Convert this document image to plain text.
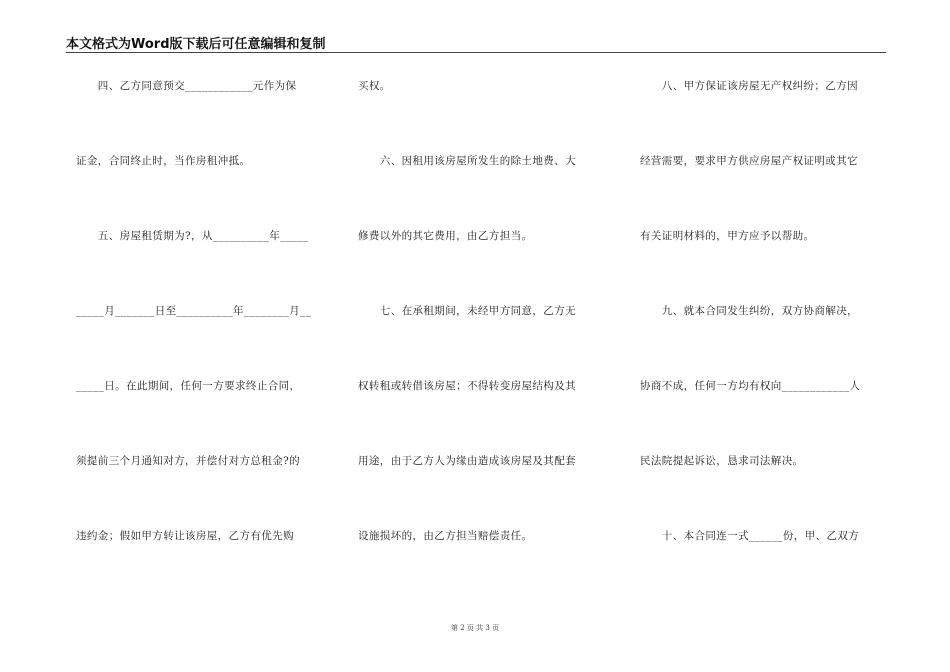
本文格式为Word版下载后可任意编辑和复制
　　四、乙方同意预交____________元作为保
证金，合同终止时，当作房租冲抵。
　　五、房屋租赁期为?，从__________年_____
_____月_______日至__________年________月__
_____日。在此期间，任何一方要求终止合同，
须提前三个月通知对方，并偿付对方总租金?的
违约金；假如甲方转让该房屋，乙方有优先购
买权。
　　六、因租用该房屋所发生的除土地费、大
修费以外的其它费用，由乙方担当。
　　七、在承租期间，未经甲方同意，乙方无
权转租或转借该房屋；不得转变房屋结构及其
用途，由于乙方人为缘由造成该房屋及其配套
设施损坏的，由乙方担当赔偿责任。
　　八、甲方保证该房屋无产权纠纷；乙方因
经营需要，要求甲方供应房屋产权证明或其它
有关证明材料的，甲方应予以帮助。
　　九、就本合同发生纠纷，双方协商解决，
协商不成，任何一方均有权向____________人
民法院提起诉讼，恳求司法解决。
　　十、本合同连一式______份，甲、乙双方
第 2 页 共 3 页
